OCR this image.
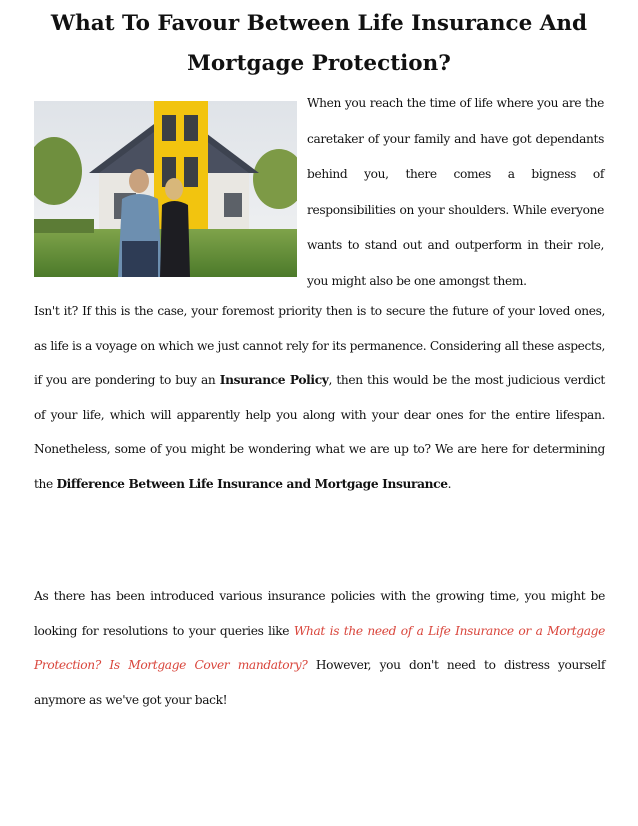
What To Favour Between Life Insurance And
Mortgage Protection?

When you reach the time of life where you are the caretaker of your family and have got dependants behind you, there comes a bigness of responsibilities on your shoulders. While everyone wants to stand out and outperform in their role, you might also be one amongst them.

Isn't it? If this is the case, your foremost priority then is to secure the future of your loved ones, as life is a voyage on which we just cannot rely for its permanence. Considering all these aspects, if you are pondering to buy an Insurance Policy, then this would be the most judicious verdict of your life, which will apparently help you along with your dear ones for the entire lifespan. Nonetheless, some of you might be wondering what we are up to? We are here for determining the Difference Between Life Insurance and Mortgage Insurance.

As there has been introduced various insurance policies with the growing time, you might be looking for resolutions to your queries like What is the need of a Life Insurance or a Mortgage Protection? Is Mortgage Cover mandatory? However, you don't need to distress yourself anymore as we've got your back!
